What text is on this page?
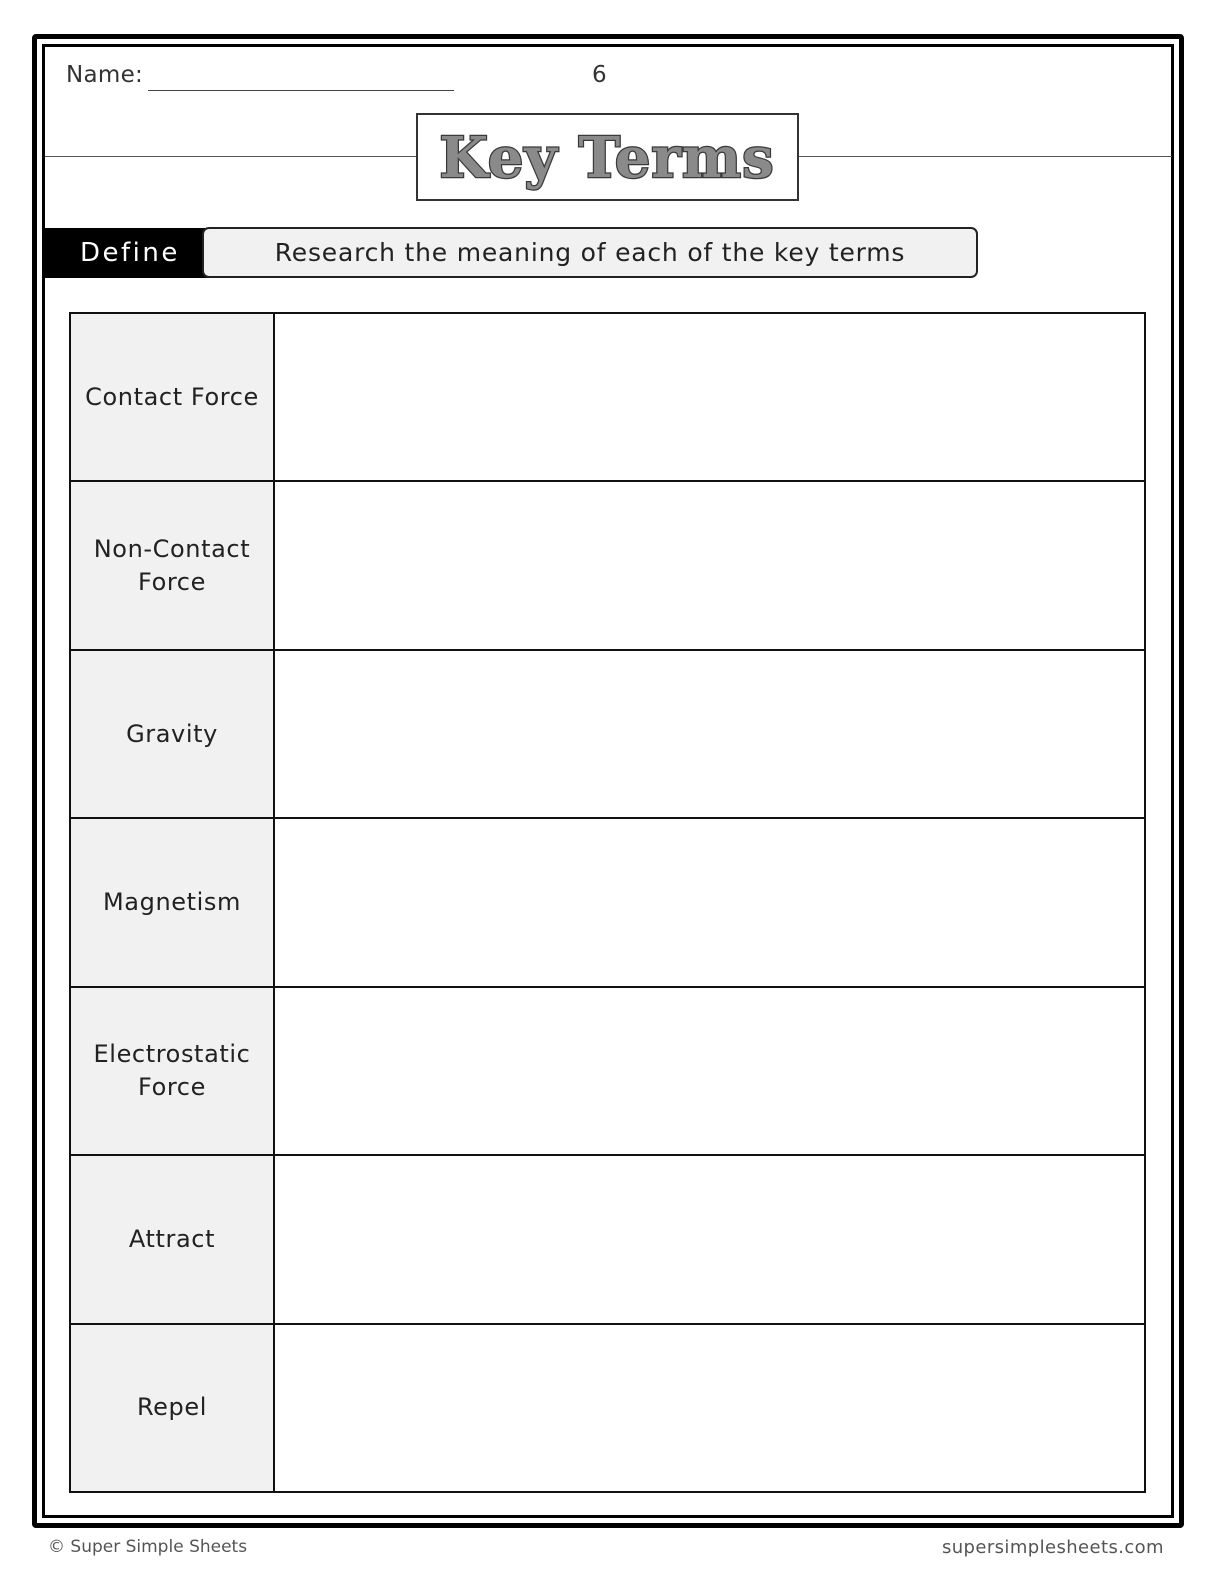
Name:	6
Key Terms
Define	Research the meaning of each of the key terms
Contact Force	
Non-Contact
Force	
Gravity	
Magnetism	
Electrostatic
Force	
Attract	
Repel	
© Super Simple Sheets	supersimplesheets.com
